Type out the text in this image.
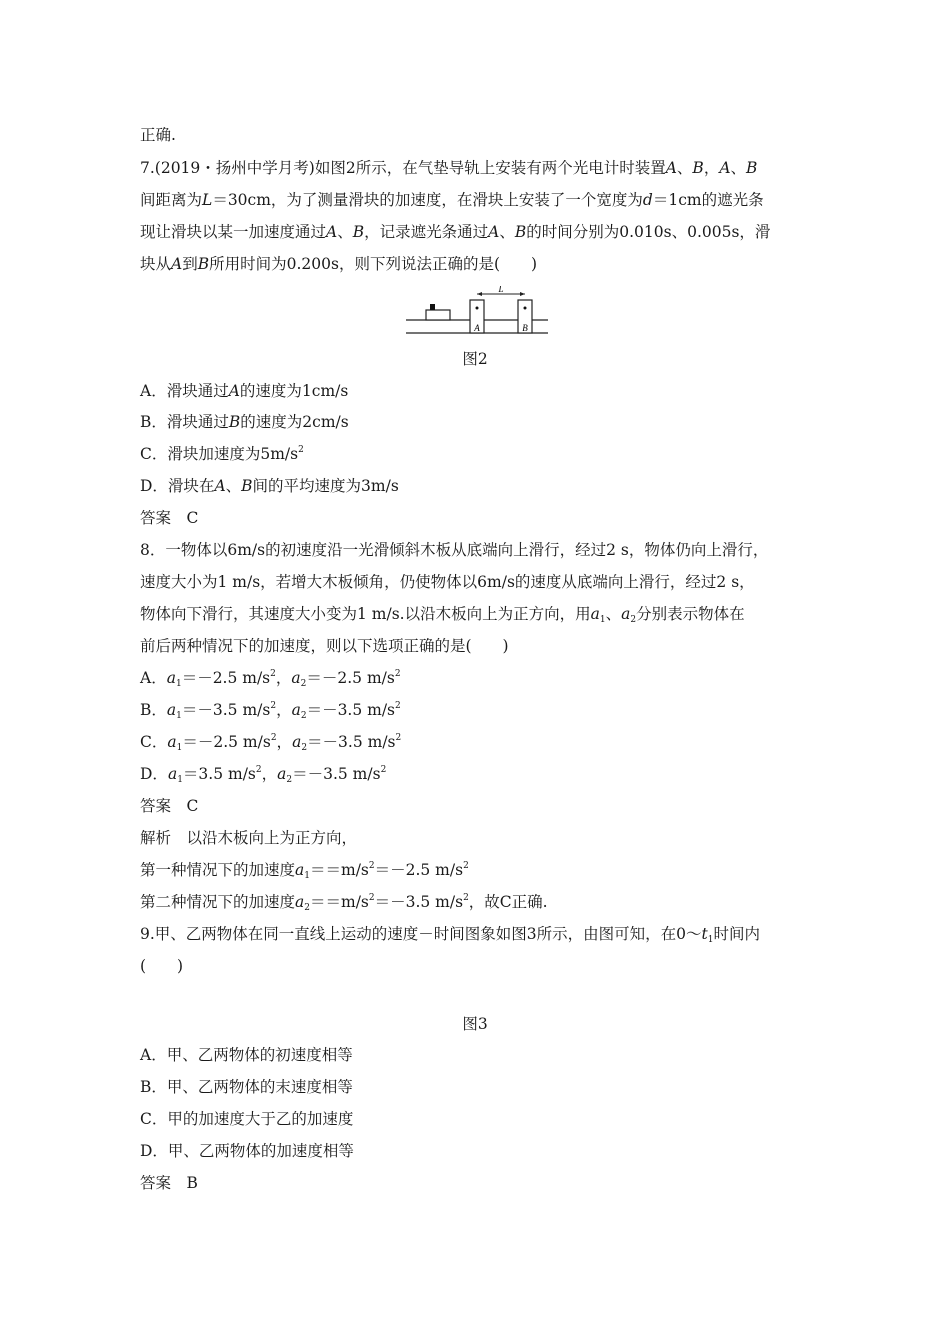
正确.
7.(2019・扬州中学月考)如图2所示，在气垫导轨上安装有两个光电计时装置A、B，A、B
间距离为L＝30cm，为了测量滑块的加速度，在滑块上安装了一个宽度为d＝1cm的遮光条
现让滑块以某一加速度通过A、B，记录遮光条通过A、B的时间分别为0.010s、0.005s，滑
块从A到B所用时间为0.200s，则下列说法正确的是(　　)
L
A	B
图2
A．滑块通过A的速度为1cm/s
B．滑块通过B的速度为2cm/s
C．滑块加速度为$5m/s^2$
D．滑块在A、B间的平均速度为3m/s
答案　C
8．一物体以6m/s的初速度沿一光滑倾斜木板从底端向上滑行，经过2 s，物体仍向上滑行，
速度大小为1 m/s，若增大木板倾角，仍使物体以6m/s的速度从底端向上滑行，经过2 s，
物体向下滑行，其速度大小变为1 m/s.以沿木板向上为正方向，用$a_1$、$a_2$分别表示物体在
前后两种情况下的加速度，则以下选项正确的是(　　)
A．$a_1=-2.5$ $m/s^2$，$a_2=-2.5$ $m/s^2$
B．$a_1=-3.5$ $m/s^2$，$a_2=-3.5$ $m/s^2$
C．$a_1=-2.5$ $m/s^2$，$a_2=-3.5$ $m/s^2$
D．$a_1=3.5$ $m/s^2$，$a_2=-3.5$ $m/s^2$
答案　C
解析　以沿木板向上为正方向，
第一种情况下的加速度$a_1==m/s^2=-2.5$ $m/s^2$
第二种情况下的加速度$a_2==m/s^2=-3.5$ $m/s^2$，故C正确.
9.甲、乙两物体在同一直线上运动的速度－时间图象如图3所示，由图可知，在$0\sim t_1$时间内
(　　)
图3
A．甲、乙两物体的初速度相等
B．甲、乙两物体的末速度相等
C．甲的加速度大于乙的加速度
D．甲、乙两物体的加速度相等
答案　B
